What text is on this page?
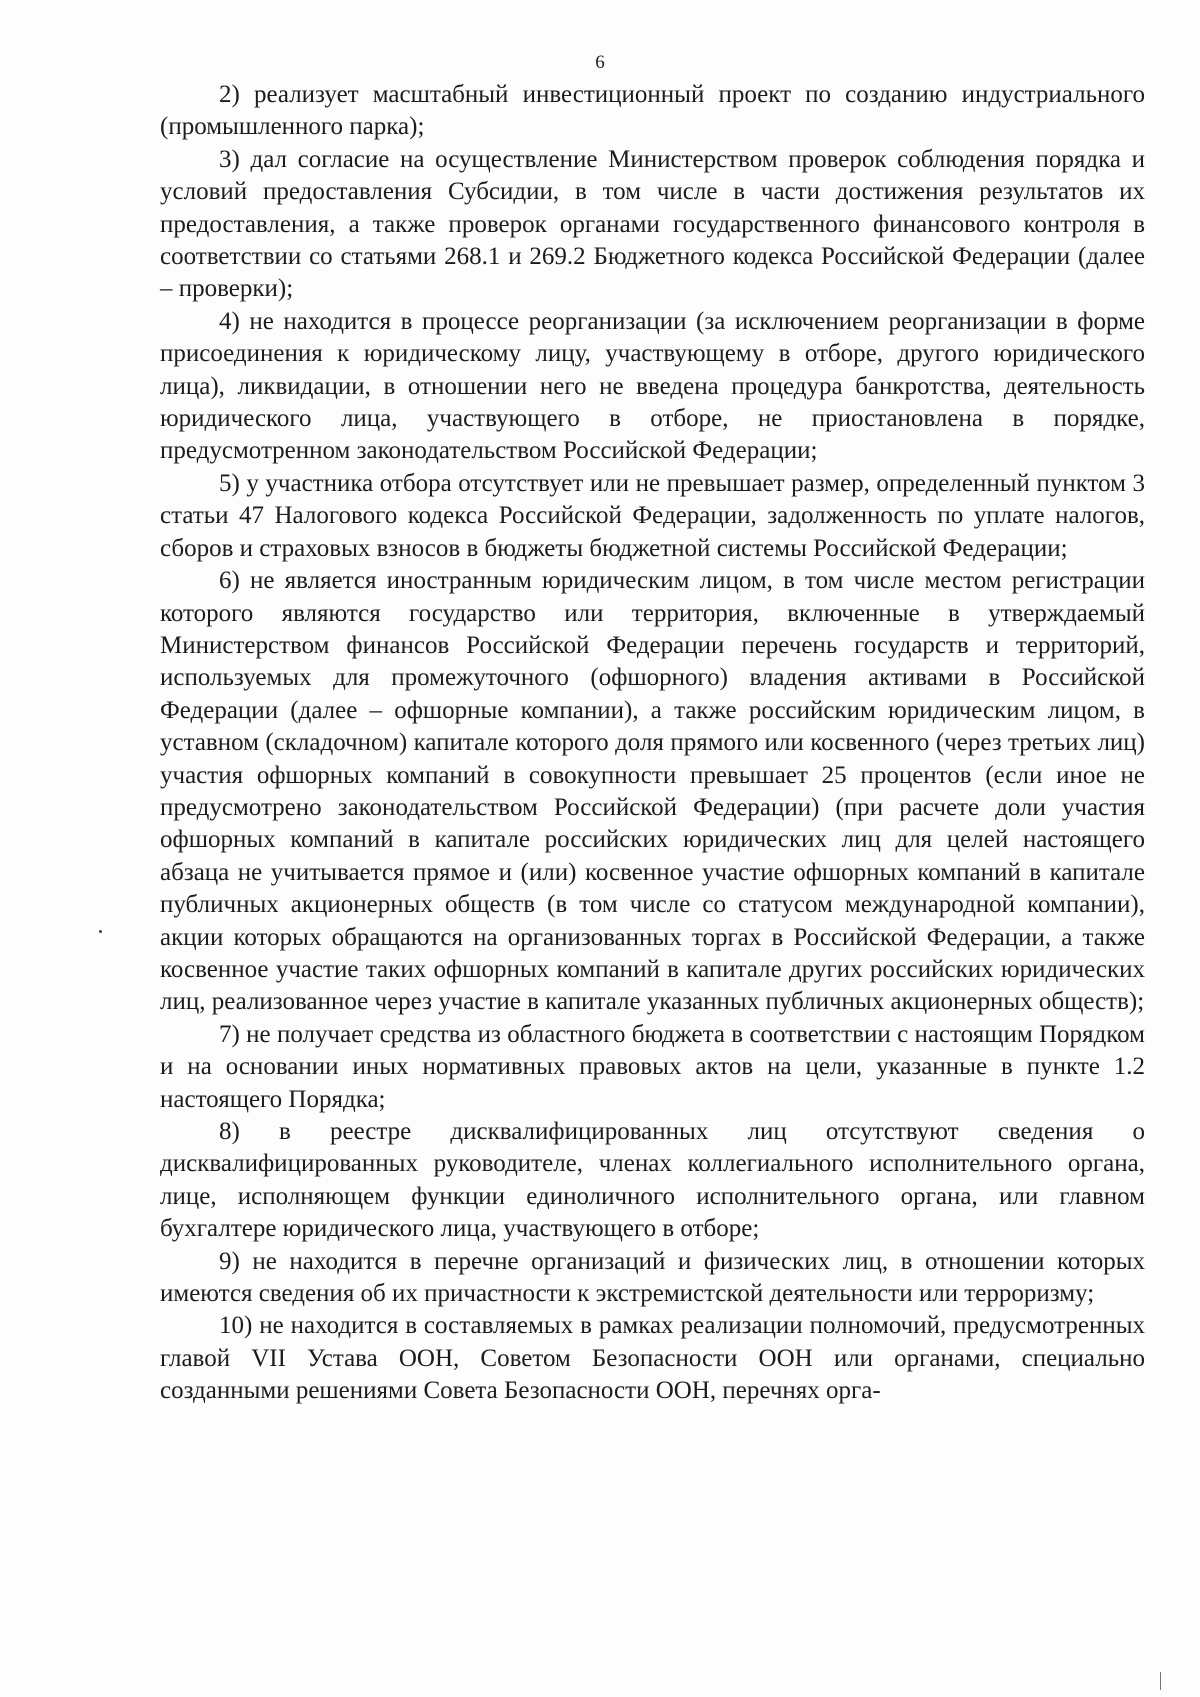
6

2) реализует масштабный инвестиционный проект по созданию индустриального (промышленного парка);

3) дал согласие на осуществление Министерством проверок соблюдения порядка и условий предоставления Субсидии, в том числе в части достижения результатов их предоставления, а также проверок органами государственного финансового контроля в соответствии со статьями 268.1 и 269.2 Бюджетного кодекса Российской Федерации (далее – проверки);

4) не находится в процессе реорганизации (за исключением реорганизации в форме присоединения к юридическому лицу, участвующему в отборе, другого юридического лица), ликвидации, в отношении него не введена процедура банкротства, деятельность юридического лица, участвующего в отборе, не приостановлена в порядке, предусмотренном законодательством Российской Федерации;

5) у участника отбора отсутствует или не превышает размер, определенный пунктом 3 статьи 47 Налогового кодекса Российской Федерации, задолженность по уплате налогов, сборов и страховых взносов в бюджеты бюджетной системы Российской Федерации;

6) не является иностранным юридическим лицом, в том числе местом регистрации которого являются государство или территория, включенные в утверждаемый Министерством финансов Российской Федерации перечень государств и территорий, используемых для промежуточного (офшорного) владения активами в Российской Федерации (далее – офшорные компании), а также российским юридическим лицом, в уставном (складочном) капитале которого доля прямого или косвенного (через третьих лиц) участия офшорных компаний в совокупности превышает 25 процентов (если иное не предусмотрено законодательством Российской Федерации) (при расчете доли участия офшорных компаний в капитале российских юридических лиц для целей настоящего абзаца не учитывается прямое и (или) косвенное участие офшорных компаний в капитале публичных акционерных обществ (в том числе со статусом международной компании), акции которых обращаются на организованных торгах в Российской Федерации, а также косвенное участие таких офшорных компаний в капитале других российских юридических лиц, реализованное через участие в капитале указанных публичных акционерных обществ);

7) не получает средства из областного бюджета в соответствии с настоящим Порядком и на основании иных нормативных правовых актов на цели, указанные в пункте 1.2 настоящего Порядка;

8) в реестре дисквалифицированных лиц отсутствуют сведения о дисквалифицированных руководителе, членах коллегиального исполнительного органа, лице, исполняющем функции единоличного исполнительного органа, или главном бухгалтере юридического лица, участвующего в отборе;

9) не находится в перечне организаций и физических лиц, в отношении которых имеются сведения об их причастности к экстремистской деятельности или терроризму;

10) не находится в составляемых в рамках реализации полномочий, предусмотренных главой VII Устава ООН, Советом Безопасности ООН или органами, специально созданными решениями Совета Безопасности ООН, перечнях орга-
